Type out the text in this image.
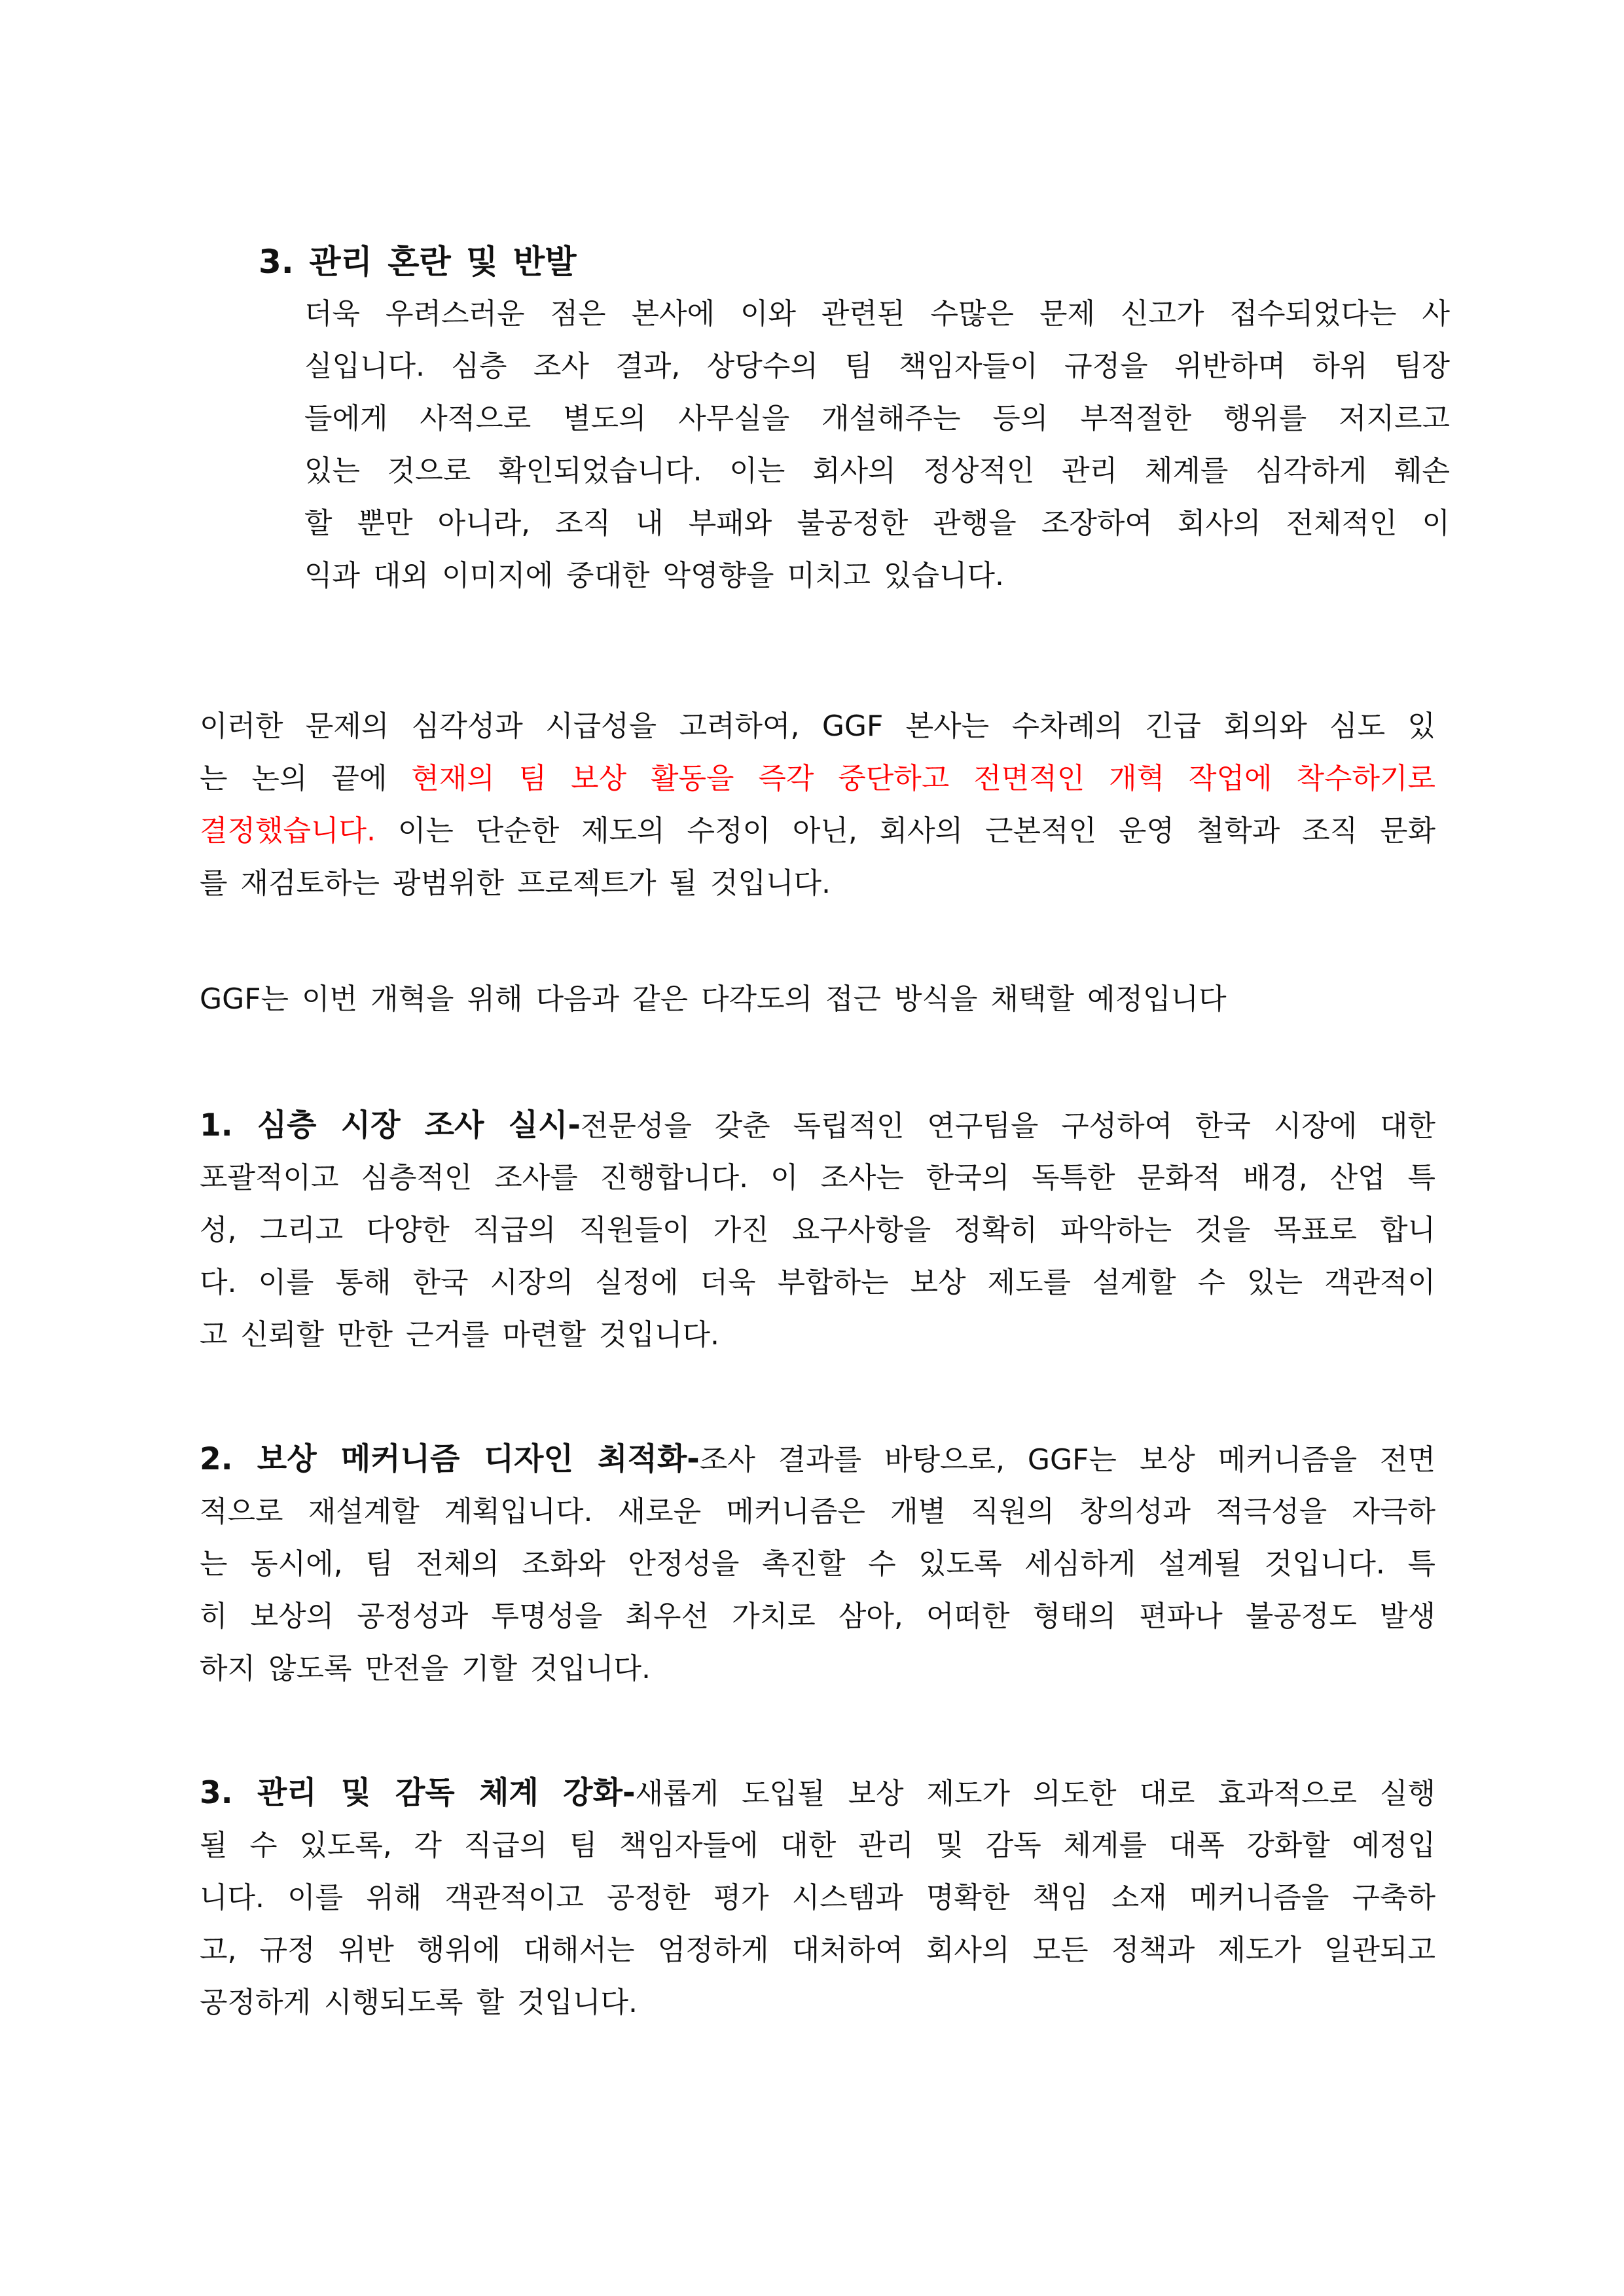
3. 관리 혼란 및 반발
더욱 우려스러운 점은 본사에 이와 관련된 수많은 문제 신고가 접수되었다는 사
실입니다. 심층 조사 결과, 상당수의 팀 책임자들이 규정을 위반하며 하위 팀장
들에게 사적으로 별도의 사무실을 개설해주는 등의 부적절한 행위를 저지르고
있는 것으로 확인되었습니다. 이는 회사의 정상적인 관리 체계를 심각하게 훼손
할 뿐만 아니라, 조직 내 부패와 불공정한 관행을 조장하여 회사의 전체적인 이
익과 대외 이미지에 중대한 악영향을 미치고 있습니다.
이러한 문제의 심각성과 시급성을 고려하여, GGF 본사는 수차례의 긴급 회의와 심도 있
는 논의 끝에 현재의 팀 보상 활동을 즉각 중단하고 전면적인 개혁 작업에 착수하기로
결정했습니다. 이는 단순한 제도의 수정이 아닌, 회사의 근본적인 운영 철학과 조직 문화
를 재검토하는 광범위한 프로젝트가 될 것입니다.
GGF는 이번 개혁을 위해 다음과 같은 다각도의 접근 방식을 채택할 예정입니다
1. 심층 시장 조사 실시-전문성을 갖춘 독립적인 연구팀을 구성하여 한국 시장에 대한
포괄적이고 심층적인 조사를 진행합니다. 이 조사는 한국의 독특한 문화적 배경, 산업 특
성, 그리고 다양한 직급의 직원들이 가진 요구사항을 정확히 파악하는 것을 목표로 합니
다. 이를 통해 한국 시장의 실정에 더욱 부합하는 보상 제도를 설계할 수 있는 객관적이
고 신뢰할 만한 근거를 마련할 것입니다.
2. 보상 메커니즘 디자인 최적화-조사 결과를 바탕으로, GGF는 보상 메커니즘을 전면
적으로 재설계할 계획입니다. 새로운 메커니즘은 개별 직원의 창의성과 적극성을 자극하
는 동시에, 팀 전체의 조화와 안정성을 촉진할 수 있도록 세심하게 설계될 것입니다. 특
히 보상의 공정성과 투명성을 최우선 가치로 삼아, 어떠한 형태의 편파나 불공정도 발생
하지 않도록 만전을 기할 것입니다.
3. 관리 및 감독 체계 강화-새롭게 도입될 보상 제도가 의도한 대로 효과적으로 실행
될 수 있도록, 각 직급의 팀 책임자들에 대한 관리 및 감독 체계를 대폭 강화할 예정입
니다. 이를 위해 객관적이고 공정한 평가 시스템과 명확한 책임 소재 메커니즘을 구축하
고, 규정 위반 행위에 대해서는 엄정하게 대처하여 회사의 모든 정책과 제도가 일관되고
공정하게 시행되도록 할 것입니다.
